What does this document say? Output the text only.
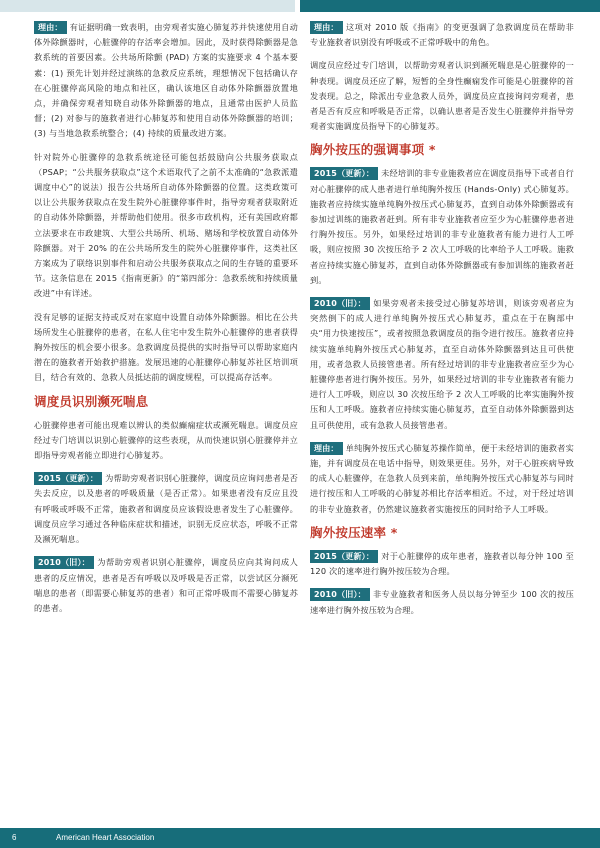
理由： 有证据明确一致表明，由旁观者实施心肺复苏并快速使用自动体外除颤器时，心脏骤停的存活率会增加。因此，及时获得除颤器是急救系统的首要因素。公共场所除颤 (PAD) 方案的实施要求 4 个基本要素：(1) 预先计划并经过演练的急救反应系统，理想情况下包括确认存在心脏骤停高风险的地点和社区，确认该地区自动体外除颤器放置地点，并确保旁观者知晓自动体外除颤器的地点，且通常由医护人员监督；(2) 对参与的施救者进行心肺复苏和使用自动体外除颤器的培训；(3) 与当地急救系统整合；(4) 持续的质量改进方案。

针对院外心脏骤停的急救系统途径可能包括鼓励向公共服务获取点（PSAP；“公共服务获取点”这个术语取代了之前不太准确的“急救派遣调度中心”的说法）报告公共场所自动体外除颤器的位置。这类政策可以让公共服务获取点在发生院外心脏骤停事件时，指导旁观者获取附近的自动体外除颤器，并帮助他们使用。很多市政机构，还有美国政府都立法要求在市政建筑、大型公共场所、机场、赌场和学校放置自动体外除颤器。对于 20% 的在公共场所发生的院外心脏骤停事件，这类社区方案成为了联络识别事件和启动公共服务获取点之间的生存链的重要环节。这条信息在 2015《指南更新》的“第四部分：急救系统和持续质量改进”中有详述。

没有足够的证据支持或反对在家庭中设置自动体外除颤器。相比在公共场所发生心脏骤停的患者，在私人住宅中发生院外心脏骤停的患者获得胸外按压的机会要小很多。急救调度员提供的实时指导可以帮助家庭内潜在的施救者开始救护措施。发展迅速的心脏骤停心肺复苏社区培训项目，结合有效的、急救人员抵达前的调度规程，可以提高存活率。

调度员识别濒死喘息

心脏骤停患者可能出现难以辨认的类似癫痫症状或濒死喘息。调度员应经过专门培训以识别心脏骤停的这些表现，从而快速识别心脏骤停并立即指导旁观者能立即进行心肺复苏。

2015（更新）： 为帮助旁观者识别心脏骤停，调度员应询问患者是否失去反应，以及患者的呼吸质量（是否正常）。如果患者没有反应且没有呼吸或呼吸不正常，施救者和调度员应该假设患者发生了心脏骤停。调度员应学习通过各种临床症状和描述，识别无反应状态，呼吸不正常及濒死喘息。

2010（旧）： 为帮助旁观者识别心脏骤停，调度员应向其询问成人患者的反应情况，患者是否有呼吸以及呼吸是否正常，以尝试区分濒死喘息的患者（即需要心肺复苏的患者）和可正常呼吸而不需要心肺复苏的患者。

理由： 这项对 2010 版《指南》的变更强调了急救调度员在帮助非专业施救者识别没有呼吸或不正常呼吸中的角色。

调度员应经过专门培训，以帮助旁观者认识到濒死喘息是心脏骤停的一种表现。调度员还应了解，短暂的全身性癫痫发作可能是心脏骤停的首发表现。总之，除派出专业急救人员外，调度员应直接询问旁观者，患者是否有反应和呼吸是否正常，以确认患者是否发生心脏骤停并指导旁观者实施调度员指导下的心肺复苏。

胸外按压的强调事项 *

2015（更新）： 未经培训的非专业施救者应在调度员指导下或者自行对心脏骤停的成人患者进行单纯胸外按压 (Hands-Only) 式心肺复苏。施救者应持续实施单纯胸外按压式心肺复苏，直到自动体外除颤器或有参加过训练的施救者赶到。所有非专业施救者应至少为心脏骤停患者进行胸外按压。另外，如果经过培训的非专业施救者有能力进行人工呼吸，则应按照 30 次按压给予 2 次人工呼吸的比率给予人工呼吸。施救者应持续实施心肺复苏，直到自动体外除颤器或有参加训练的施救者赶到。

2010（旧）： 如果旁观者未接受过心肺复苏培训，则该旁观者应为突然倒下的成人进行单纯胸外按压式心肺复苏，重点在于在胸部中央“用力快速按压”，或者按照急救调度员的指令进行按压。施救者应持续实施单纯胸外按压式心肺复苏，直至自动体外除颤器到达且可供使用，或者急救人员接管患者。所有经过培训的非专业施救者应至少为心脏骤停患者进行胸外按压。另外，如果经过培训的非专业施救者有能力进行人工呼吸，则应以 30 次按压给予 2 次人工呼吸的比率实施胸外按压和人工呼吸。施救者应持续实施心肺复苏，直至自动体外除颤器到达且可供使用，或有急救人员接管患者。

理由： 单纯胸外按压式心肺复苏操作简单，便于未经培训的施救者实施，并有调度员在电话中指导，则效果更佳。另外，对于心脏疾病导致的成人心脏骤停，在急救人员到来前，单纯胸外按压式心肺复苏与同时进行按压和人工呼吸的心肺复苏相比存活率相近。不过，对于经过培训的非专业施救者，仍然建议施救者实施按压的同时给予人工呼吸。

胸外按压速率 *

2015（更新）： 对于心脏骤停的成年患者，施救者以每分钟 100 至 120 次的速率进行胸外按压较为合理。

2010（旧）： 非专业施救者和医务人员以每分钟至少 100 次的按压速率进行胸外按压较为合理。

6	American Heart Association
